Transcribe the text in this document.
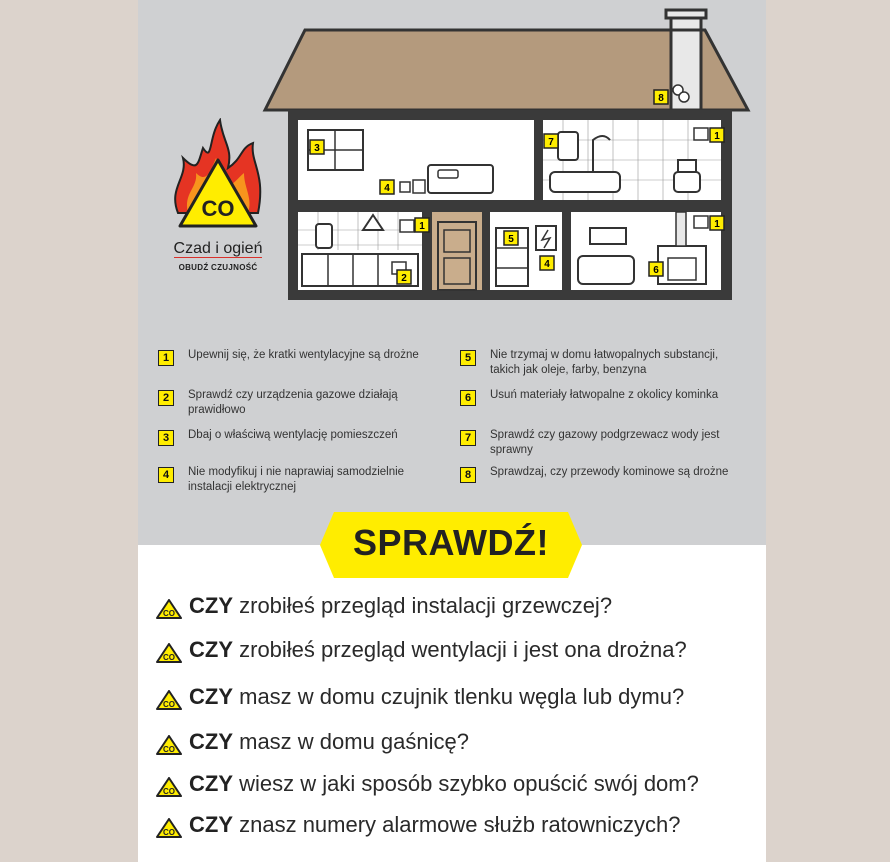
1
1
1
2
3
4
4
5
6
7
8
CO
Czad i ogień
OBUDŹ CZUJNOŚĆ
1	Upewnij się, że kratki wentylacyjne są drożne
2	Sprawdź czy urządzenia gazowe działają prawidłowo
3	Dbaj o właściwą wentylację pomieszczeń
4	Nie modyfikuj i nie naprawiaj samodzielnie instalacji elektrycznej
5	Nie trzymaj w domu łatwopalnych substancji, takich jak oleje, farby, benzyna
6	Usuń materiały łatwopalne z okolicy kominka
7	Sprawdź czy gazowy podgrzewacz wody jest sprawny
8	Sprawdzaj, czy przewody kominowe są drożne
CO CZY zrobiłeś przegląd instalacji grzewczej?
CO CZY zrobiłeś przegląd wentylacji i jest ona drożna?
CO CZY masz w domu czujnik tlenku węgla lub dymu?
CO CZY masz w domu gaśnicę?
CO CZY wiesz w jaki sposób szybko opuścić swój dom?
CO CZY znasz numery alarmowe służb ratowniczych?
SPRAWDŹ!
